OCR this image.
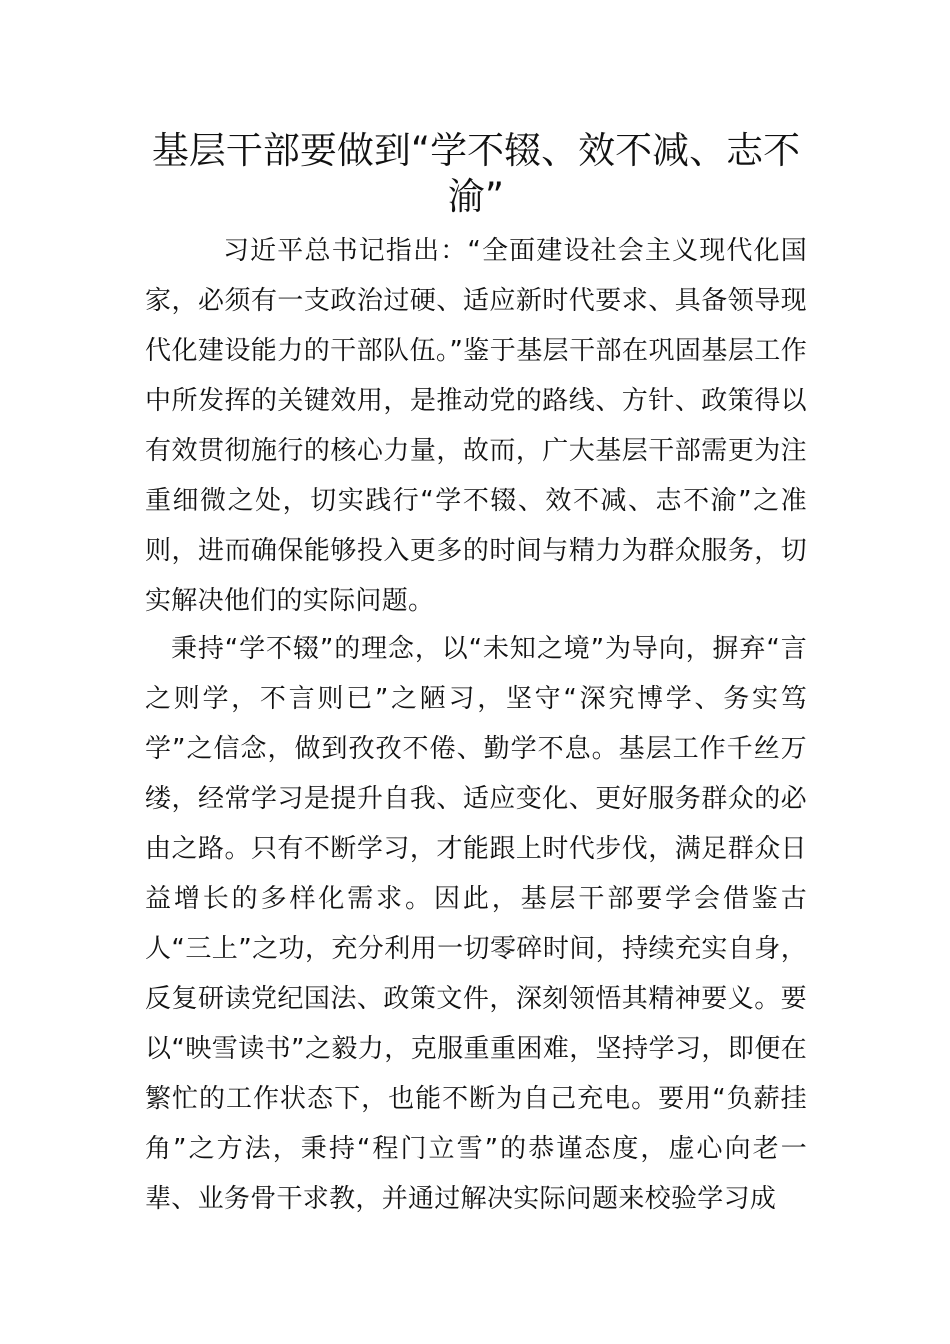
基层干部要做到“学不辍、效不减、志不渝”

习近平总书记指出：“全面建设社会主义现代化国家，必须有一支政治过硬、适应新时代要求、具备领导现代化建设能力的干部队伍。”鉴于基层干部在巩固基层工作中所发挥的关键效用，是推动党的路线、方针、政策得以有效贯彻施行的核心力量，故而，广大基层干部需更为注重细微之处，切实践行“学不辍、效不减、志不渝”之准则，进而确保能够投入更多的时间与精力为群众服务，切实解决他们的实际问题。

秉持“学不辍”的理念，以“未知之境”为导向，摒弃“言之则学，不言则已”之陋习，坚守“深究博学、务实笃学”之信念，做到孜孜不倦、勤学不息。基层工作千丝万缕，经常学习是提升自我、适应变化、更好服务群众的必由之路。只有不断学习，才能跟上时代步伐，满足群众日益增长的多样化需求。因此，基层干部要学会借鉴古人“三上”之功，充分利用一切零碎时间，持续充实自身，反复研读党纪国法、政策文件，深刻领悟其精神要义。要以“映雪读书”之毅力，克服重重困难，坚持学习，即便在繁忙的工作状态下，也能不断为自己充电。要用“负薪挂角”之方法，秉持“程门立雪”的恭谨态度，虚心向老一辈、业务骨干求教，并通过解决实际问题来校验学习成
